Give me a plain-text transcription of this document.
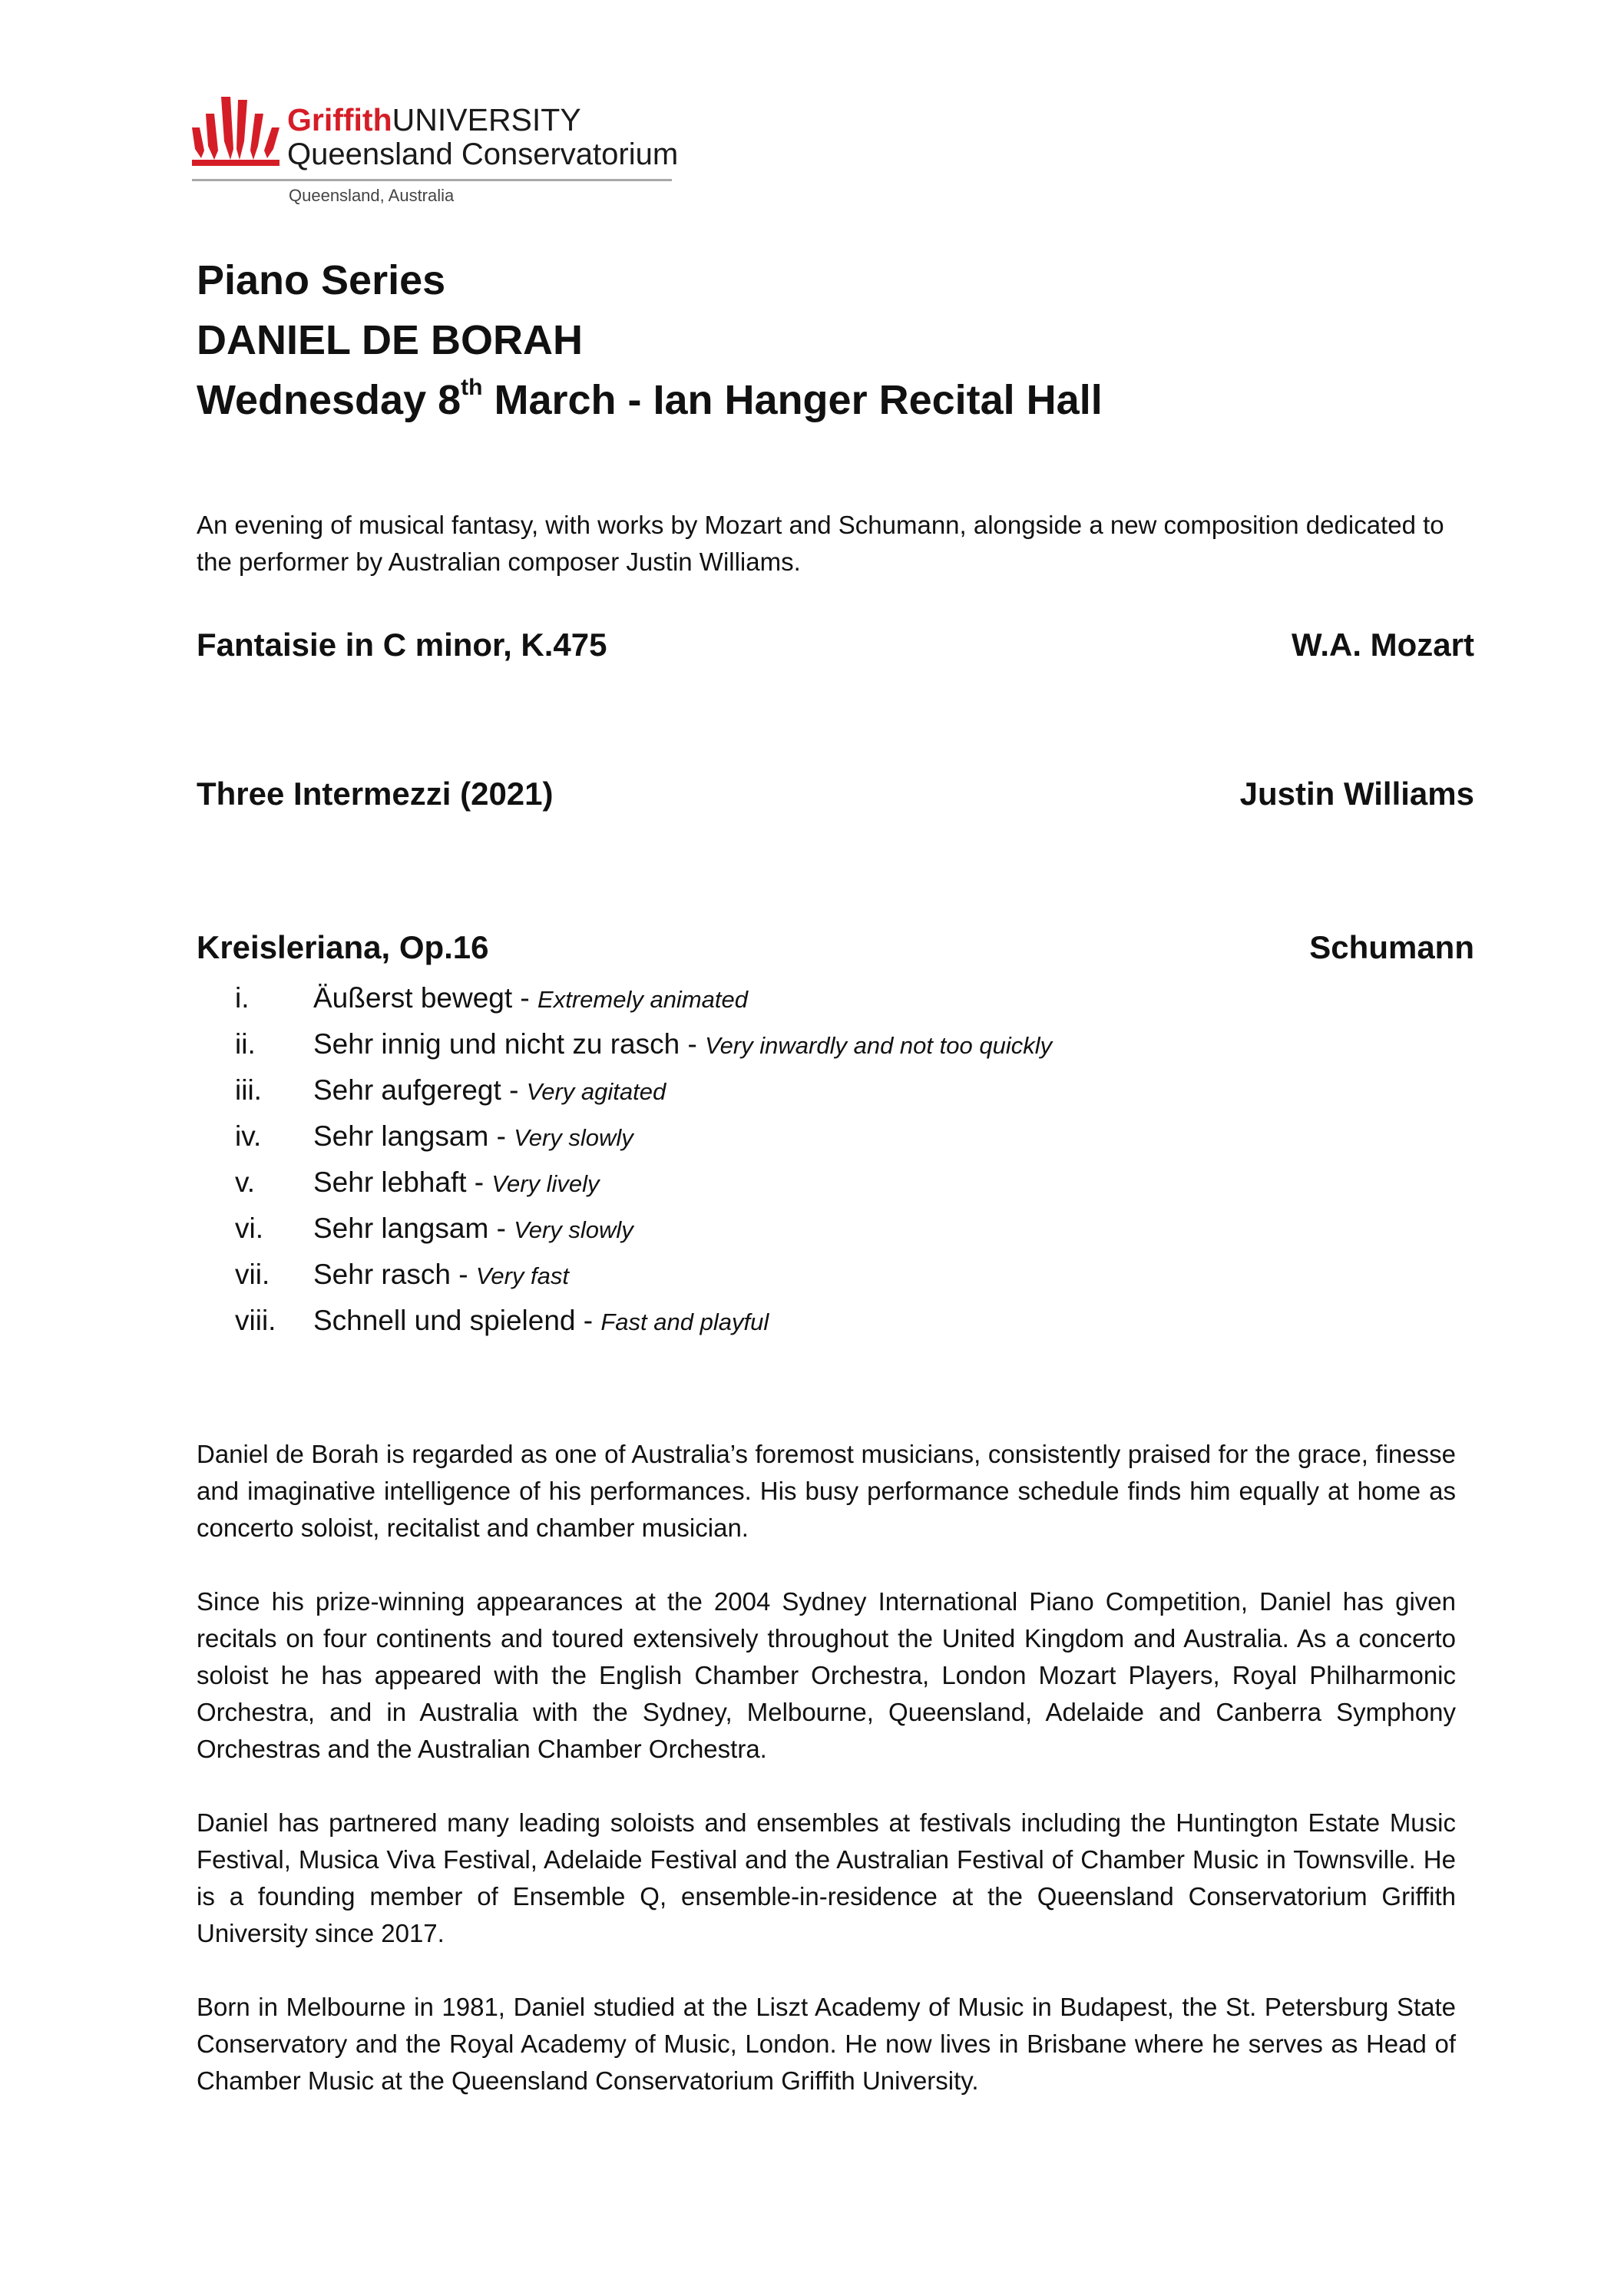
GriffithUNIVERSITY
Queensland Conservatorium
Queensland, Australia
Piano Series
DANIEL DE BORAH
Wednesday 8th March - Ian Hanger Recital Hall
An evening of musical fantasy, with works by Mozart and Schumann, alongside a new composition dedicated to the performer by Australian composer Justin Williams.
Fantaisie in C minor, K.475	W.A. Mozart
Three Intermezzi (2021)	Justin Williams
Kreisleriana, Op.16	Schumann
i. Äußerst bewegt - Extremely animated
ii. Sehr innig und nicht zu rasch - Very inwardly and not too quickly
iii. Sehr aufgeregt - Very agitated
iv. Sehr langsam - Very slowly
v. Sehr lebhaft - Very lively
vi. Sehr langsam - Very slowly
vii. Sehr rasch - Very fast
viii. Schnell und spielend - Fast and playful

Daniel de Borah is regarded as one of Australia’s foremost musicians, consistently praised for the grace, finesse and imaginative intelligence of his performances. His busy performance schedule finds him equally at home as concerto soloist, recitalist and chamber musician.

Since his prize-winning appearances at the 2004 Sydney International Piano Competition, Daniel has given recitals on four continents and toured extensively throughout the United Kingdom and Australia. As a concerto soloist he has appeared with the English Chamber Orchestra, London Mozart Players, Royal Philharmonic Orchestra, and in Australia with the Sydney, Melbourne, Queensland, Adelaide and Canberra Symphony Orchestras and the Australian Chamber Orchestra.

Daniel has partnered many leading soloists and ensembles at festivals including the Huntington Estate Music Festival, Musica Viva Festival, Adelaide Festival and the Australian Festival of Chamber Music in Townsville. He is a founding member of Ensemble Q, ensemble-in-residence at the Queensland Conservatorium Griffith University since 2017.

Born in Melbourne in 1981, Daniel studied at the Liszt Academy of Music in Budapest, the St. Petersburg State Conservatory and the Royal Academy of Music, London. He now lives in Brisbane where he serves as Head of Chamber Music at the Queensland Conservatorium Griffith University.
